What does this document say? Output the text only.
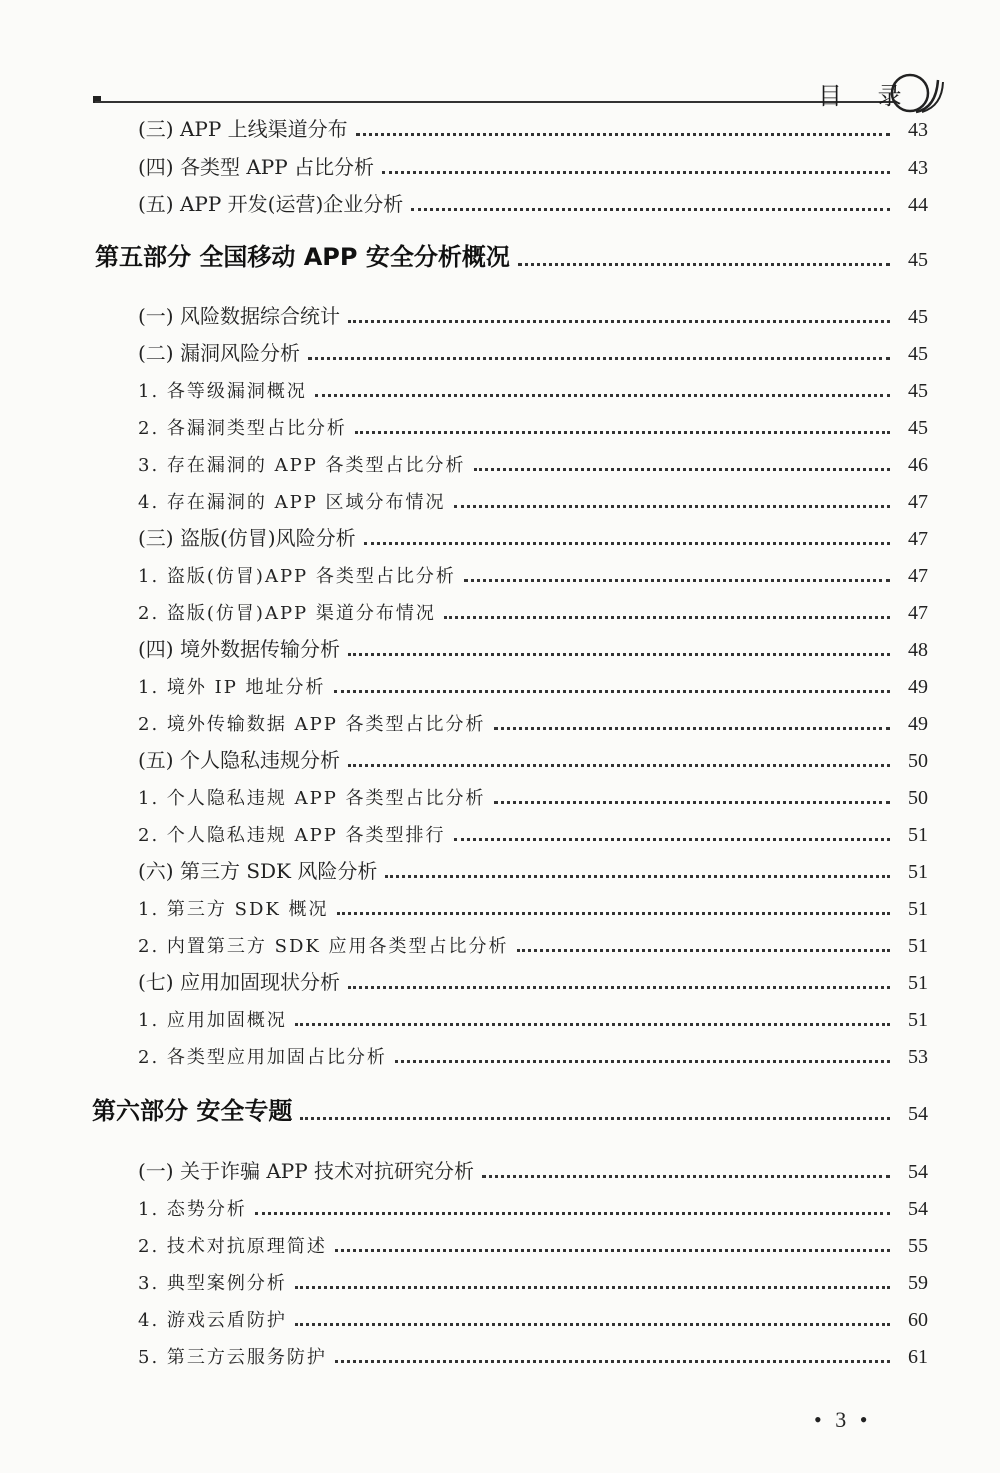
目 录
(三) APP 上线渠道分布	43
(四) 各类型 APP 占比分析	43
(五) APP 开发(运营)企业分析	44
第五部分 全国移动 APP 安全分析概况	45
(一) 风险数据综合统计	45
(二) 漏洞风险分析	45
1. 各等级漏洞概况	45
2. 各漏洞类型占比分析	45
3. 存在漏洞的 APP 各类型占比分析	46
4. 存在漏洞的 APP 区域分布情况	47
(三) 盗版(仿冒)风险分析	47
1. 盗版(仿冒)APP 各类型占比分析	47
2. 盗版(仿冒)APP 渠道分布情况	47
(四) 境外数据传输分析	48
1. 境外 IP 地址分析	49
2. 境外传输数据 APP 各类型占比分析	49
(五) 个人隐私违规分析	50
1. 个人隐私违规 APP 各类型占比分析	50
2. 个人隐私违规 APP 各类型排行	51
(六) 第三方 SDK 风险分析	51
1. 第三方 SDK 概况	51
2. 内置第三方 SDK 应用各类型占比分析	51
(七) 应用加固现状分析	51
1. 应用加固概况	51
2. 各类型应用加固占比分析	53
第六部分 安全专题	54
(一) 关于诈骗 APP 技术对抗研究分析	54
1. 态势分析	54
2. 技术对抗原理简述	55
3. 典型案例分析	59
4. 游戏云盾防护	60
5. 第三方云服务防护	61
• 3 •
